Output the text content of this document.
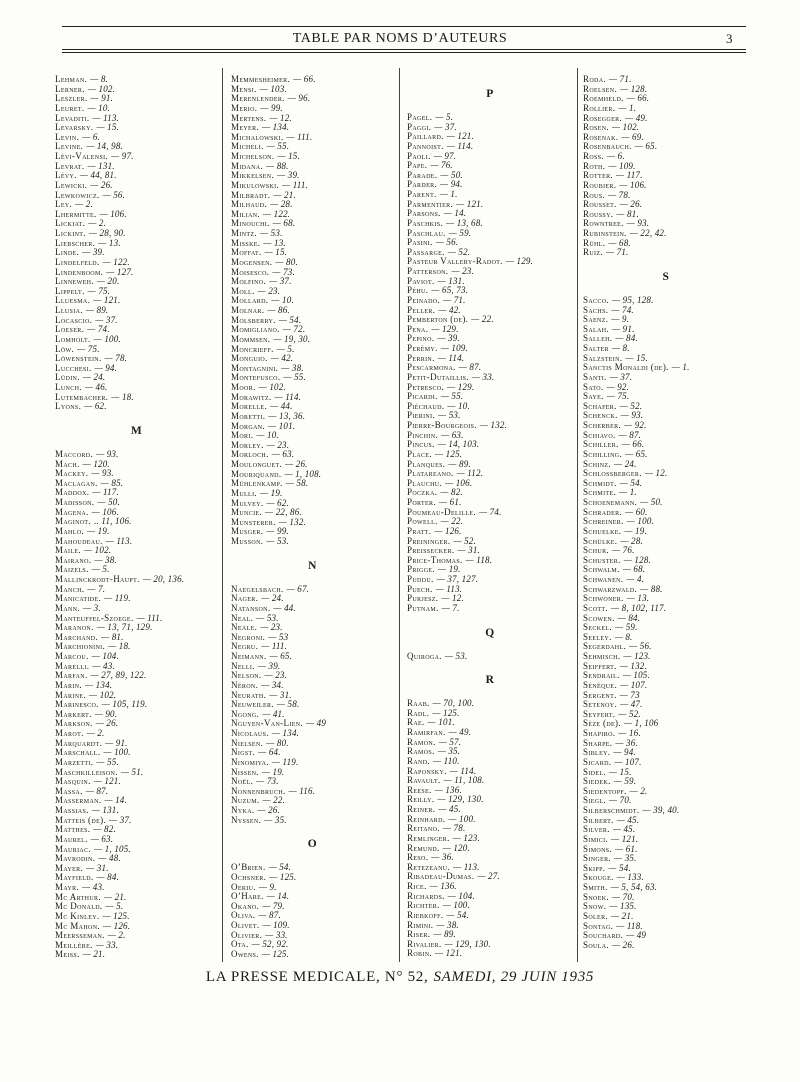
TABLE PAR NOMS D’AUTEURS	3
Lehman. — 8.
Lerner. — 102.
Leszler. — 91.
Leuret. — 10.
Levaditi. — 113.
Levarsky. — 15.
Levin. — 6.
Levine. — 14, 98.
Lévi-Valensi. — 97.
Levrat. — 131.
Lévy. — 44, 81.
Lewicki. — 26.
Lewkowicz. — 56.
Ley. — 2.
Lhermitte. — 106.
Lickiat. — 2.
Lickint. — 28, 90.
Liebscher. — 13.
Linde. — 39.
Lindelfeld. — 122.
Lindenboom. — 127.
Linneweh. — 20.
Lippelt. — 75.
Lluesma. — 121.
Llusia. — 89.
Locascio. — 37.
Loeser. — 74.
Lomholt. — 100.
Löw. — 75.
Löwenstein. — 78.
Lucchesi. — 94.
Lüdin. — 24.
Lunch. — 46.
Lutembacher. — 18.
Lyons. — 62.
M
Maccord. — 93.
Mach. — 120.
Mackey. — 93.
Maclagan. — 85.
Maddox. — 117.
Madisson. — 50.
Magena. — 106.
Maginot. .. 11, 106.
Mahlo. — 19.
Mahoudeau. — 113.
Maile. — 102.
Mairano. — 38.
Maizels. — 5.
Mallinckrodt-Haupt. — 20, 136.
Manch. — 7.
Manicatide. — 119.
Mann. — 3.
Manteuffel-Szoege. — 111.
Maranon. — 13, 71, 129.
Marchand. — 81.
Marchionini. — 18.
Marcou. — 104.
Marelli. — 43.
Marfan. — 27, 89, 122.
Marin. — 134.
Marine. — 102.
Marinesco. — 105, 119.
Markert. — 90.
Markson. — 26.
Marot. — 2.
Marquardt. — 91.
Marschall. — 100.
Marzetti. — 55.
Maschkilleison. — 51.
Masquin. — 121.
Massa. — 87.
Masserman. — 14.
Massias. — 131.
Matteis (de). — 37.
Matthes. — 82.
Maurel. — 63.
Mauriac. — 1, 105.
Mavrodin. — 48.
Mayer. — 31.
Mayfield. — 84.
Mayr. — 43.
Mc Arthur. — 21.
Mc Donald. — 5.
Mc Kinley. — 125.
Mc Mahon. — 126.
Meersseman. — 2.
Meillère. — 33.
Meiss. — 21.
Memmesheimer. — 66.
Mensi. — 103.
Merenlender. — 96.
Merio. — 99.
Mertens. — 12.
Meyer. — 134.
Michalowski. — 111.
Micheli. — 55.
Michelson. — 15.
Midana. — 88.
Mikkelsen. — 39.
Mikulowski. — 111.
Milbradt. — 21.
Milhaud. — 28.
Milian. — 122.
Minouchi. — 68.
Mintz. — 53.
Misske. — 13.
Moffat. — 15.
Mogensen. — 80.
Moisesco. — 73.
Molfino. — 37.
Moll. — 23.
Mollard. — 10.
Molnar. — 86.
Molsberry. — 54.
Momigliano. — 72.
Mommsen. — 19, 30.
Moncrieff. — 5.
Monguio. — 42.
Montagnini. — 38.
Montefusco. — 55.
Moor. — 102.
Morawitz. — 114.
Morelle. — 44.
Moretti. — 13, 36.
Morgan. — 101.
Mori. — 10.
Morley. — 23.
Morloch. — 63.
Moulonguet. — 26.
Mouriquand. — 1, 108.
Mühlenkamp. — 58.
Mulli. — 19.
Mulvey. — 62.
Muncie. — 22, 86.
Munsterer. — 132.
Musger. — 99.
Musson. — 53.
N
Naegelsbach. — 67.
Nager. — 24.
Natanson. — 44.
Neal. — 53.
Neale. — 23.
Negroni. — 53
Negru. — 111.
Neimann. — 65.
Nelli. — 39.
Nelson. — 23.
Néron. — 34.
Neurath. — 31.
Neuweiler. — 58.
Ngong. — 41.
Nguyen-Van-Lien. — 49
Nicolaus. — 134.
Nielsen. — 80.
Nigst. — 64.
Ninomiya. — 119.
Nissen. — 19.
Noël. — 73.
Nonnenbruch. — 116.
Nuzum. — 22.
Nyka. — 26.
Nyssen. — 35.
O
O’Brien. — 54.
Ochsner. — 125.
Oeriu. — 9.
O’Hare. — 14.
Okano. — 79.
Oliva. — 87.
Olivet. — 109.
Olivier. — 33.
Ota. — 52, 92.
Owens. — 125.
P
Pagel. — 5.
Paggi. — 37.
Paillard. — 121.
Pannoist. — 114.
Paoli. — 97.
Pape. — 76.
Parade. — 50.
Parder. — 94.
Parent. — 1.
Parmentier. — 121.
Parsons. — 14.
Paschkis. — 13, 68.
Paschlau. — 59.
Pasini. — 56.
Passarge. — 52.
Pasteur Vallery-Radot. — 129.
Patterson. — 23.
Paviot. — 131.
Péhu. — 65, 73.
Peinado. — 71.
Peller. — 42.
Pemberton (de). — 22.
Pena. — 129.
Pepino. — 39.
Perémy. — 109.
Perrin. — 114.
Pescarmona. — 87.
Petit-Dutaillis. — 33.
Petresco. — 129.
Picardi. — 55.
Piéchaud. — 10.
Pierini. — 53.
Pierre-Bourgeois. — 132.
Pinchin. — 63.
Pincus. — 14, 103.
Place. — 125.
Planques. — 89.
Platareano. — 112.
Plauchu. — 106.
Poczka. — 82.
Porter. — 61.
Poumeau-Delille. — 74.
Powell. — 22.
Pratt. — 126.
Preininger. — 52.
Preissecker. — 31.
Price-Thomas. — 118.
Prigge. — 19.
Puddu. — 37, 127.
Puech. — 113.
Purjesz. — 12.
Putnam. — 7.
Q
Quiroga. — 53.
R
Raab. — 70, 100.
Radl. — 125.
Rae. — 101.
Ramirfan. — 49.
Ramon. — 57.
Ramos. — 35.
Rand. — 110.
Raponsky. — 114.
Ravault. — 11, 108.
Reese. — 136.
Reilly. — 129, 130.
Reiner. — 45.
Reinhard. — 100.
Reitano. — 78.
Remlinger. — 123.
Remund. — 120.
Reso. — 36.
Retezeanu. — 113.
Ribadeau-Dumas. — 27.
Rice. — 136.
Richards. — 104.
Richter. — 100.
Riebkoff. — 54.
Rimini. — 38.
Riser. — 89.
Rivalier. — 129, 130.
Robin. — 121.
Roda. — 71.
Roelsen. — 128.
Roemheld. — 66.
Rollier. — 1.
Rosegger. — 49.
Rosen. — 102.
Rosenak. — 69.
Rosenbauch. — 65.
Ross. — 6.
Roth. — 109.
Rotter. — 117.
Roubier. — 106.
Rous. — 78.
Rousset. — 26.
Roussy. — 81.
Rowntree. — 93.
Rubinstein. — 22, 42.
Rühl. — 68.
Ruiz. — 71.
S
Sacco. — 95, 128.
Sachs. — 74.
Saenz. — 9.
Salah. — 91.
Salleh. — 84.
Salter — 8.
Salzstein. — 15.
Sanctis Monaldi (de). — 1.
Santi. — 37.
Sato. — 92.
Saye. — 75.
Schafer. — 52.
Schenck. — 93.
Scherber. — 92.
Schiavo. — 87.
Schiller. — 66.
Schilling. — 65.
Schinz. — 24.
Schlossberger. — 12.
Schmidt. — 54.
Schmite. — 1.
Schoenemann. — 50.
Schrader. — 60.
Schreiner. — 100.
Schuelke. — 19.
Schülke. — 28.
Schur. — 76.
Schuster. — 128.
Schwalm. — 68.
Schwanen. — 4.
Schwarzwald. — 88.
Schwoner. — 13.
Scott. — 8, 102, 117.
Scowen. — 84.
Seckel. — 59.
Seeley. — 8.
Segerdahl. — 56.
Sehmisch. — 123.
Seiffert. — 132.
Sendrail. — 105.
Sénèque. — 107.
Sergent. — 73
Setenoy. — 47.
Seyfert. — 52.
Sèze (de). — 1, 106
Shapiro. — 16.
Sharpe. — 36.
Sibley. — 94.
Sicard. — 107.
Sidel. — 15.
Siedek. — 59.
Siedentopf. — 2.
Siegl. — 70.
Silberschmidt. — 39, 40.
Silbert. — 45.
Silver. — 45.
Simici. — 121.
Simons. — 61.
Singer. — 35.
Skipp. — 54.
Skouge. — 133.
Smith. — 5, 54, 63.
Snoek. — 70.
Snow. — 135.
Soler. — 21.
Sontag. — 118.
Souchard. — 49
Soula. — 26.
LA PRESSE MEDICALE, N° 52, SAMEDI, 29 JUIN 1935
